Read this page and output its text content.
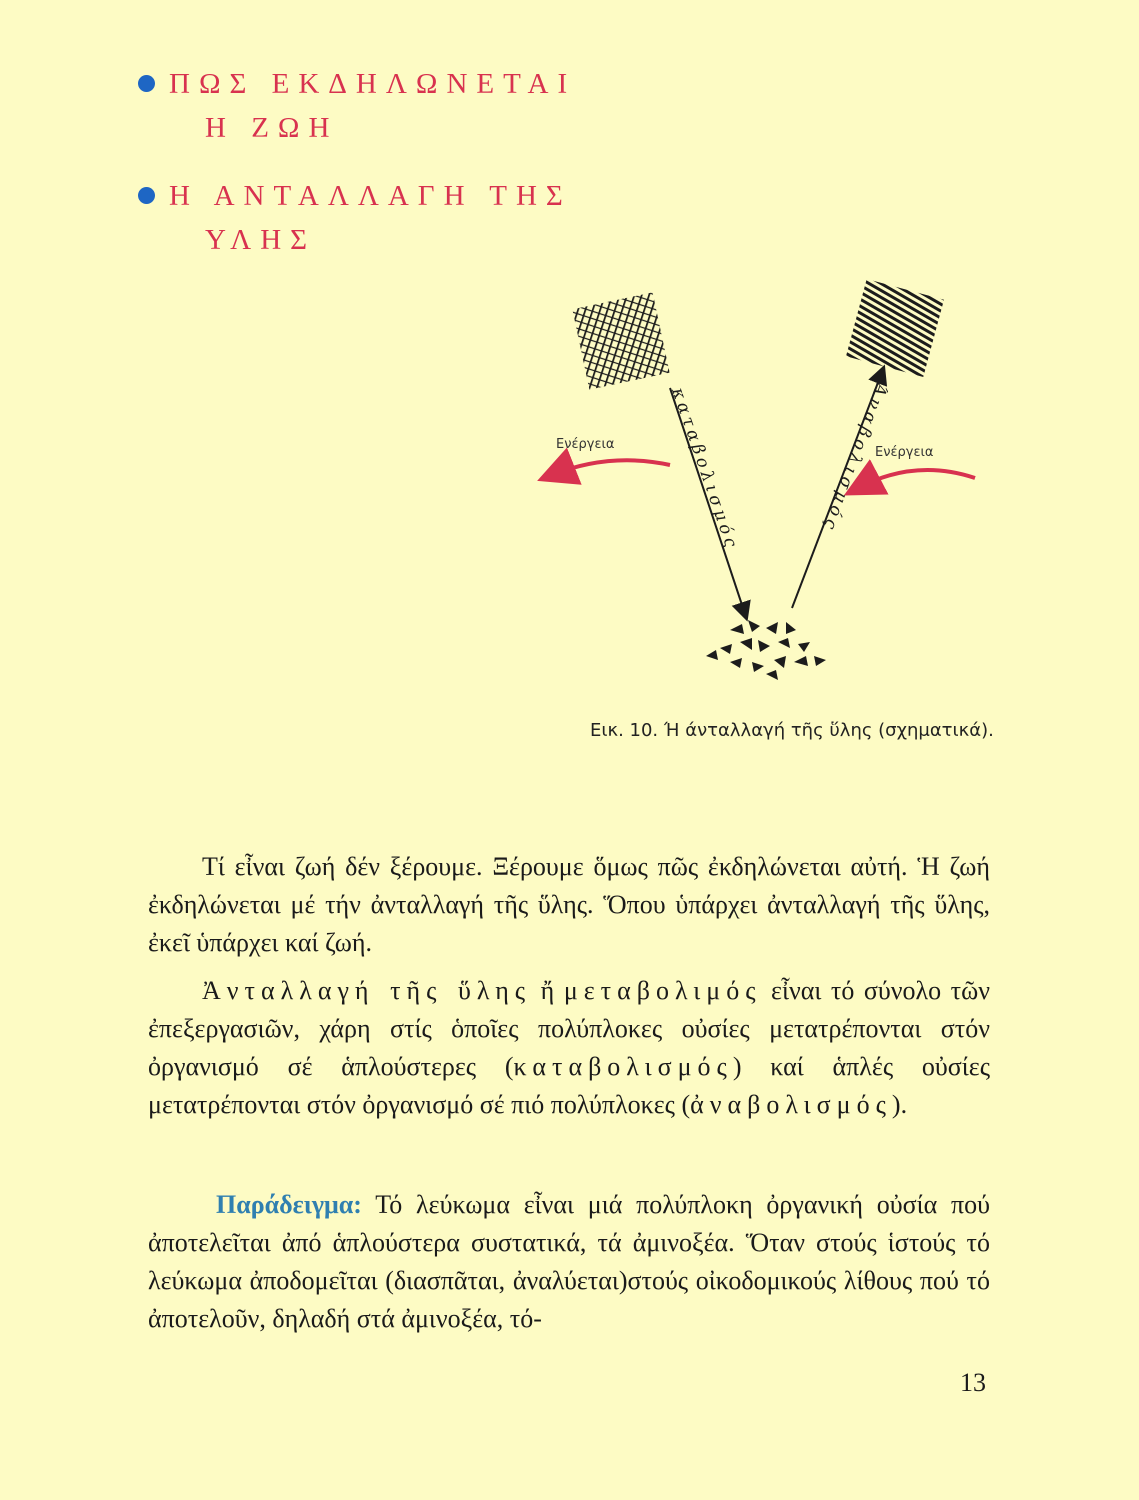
ΠΩΣ ΕΚΔΗΛΩΝΕΤΑΙ
Η ΖΩΗ
Η ΑΝΤΑΛΛΑΓΗ ΤΗΣ
ΥΛΗΣ
καταβολισμός	Άναβολισμός
Ενέργεια
Ενέργεια
Εικ. 10. Ή άνταλλαγή τῆς ὕλης (σχηματικά).

Τί εἶναι ζωή δέν ξέρουμε. Ξέρουμε ὅμως πῶς ἐκδηλώνεται αὐτή. Ἡ ζωή ἐκδηλώνεται μέ τήν ἀνταλλαγή τῆς ὕλης. Ὅπου ὑπάρχει ἀνταλλαγή τῆς ὕλης, ἐκεῖ ὑπάρχει καί ζωή.

Ἀνταλλαγή τῆς ὕλης ἤ μεταβολιμός εἶναι τό σύνολο τῶν ἐπεξεργασιῶν, χάρη στίς ὁποῖες πολύπλοκες οὐσίες μετατρέπονται στόν ὀργανισμό σέ ἁπλούστερες (καταβολισμός) καί ἁπλές οὐσίες μετατρέπονται στόν ὀργανισμό σέ πιό πολύπλοκες (ἀναβολισμός).

Παράδειγμα: Τό λεύκωμα εἶναι μιά πολύπλοκη ὀργανική οὐσία πού ἀποτελεῖται ἀπό ἁπλούστερα συστατικά, τά ἀμινοξέα. Ὅταν στούς ἱστούς τό λεύκωμα ἀποδομεῖται (διασπᾶται, ἀναλύεται)στούς οἰκοδομικούς λίθους πού τό ἀποτελοῦν, δηλαδή στά ἀμινοξέα, τό-

13
